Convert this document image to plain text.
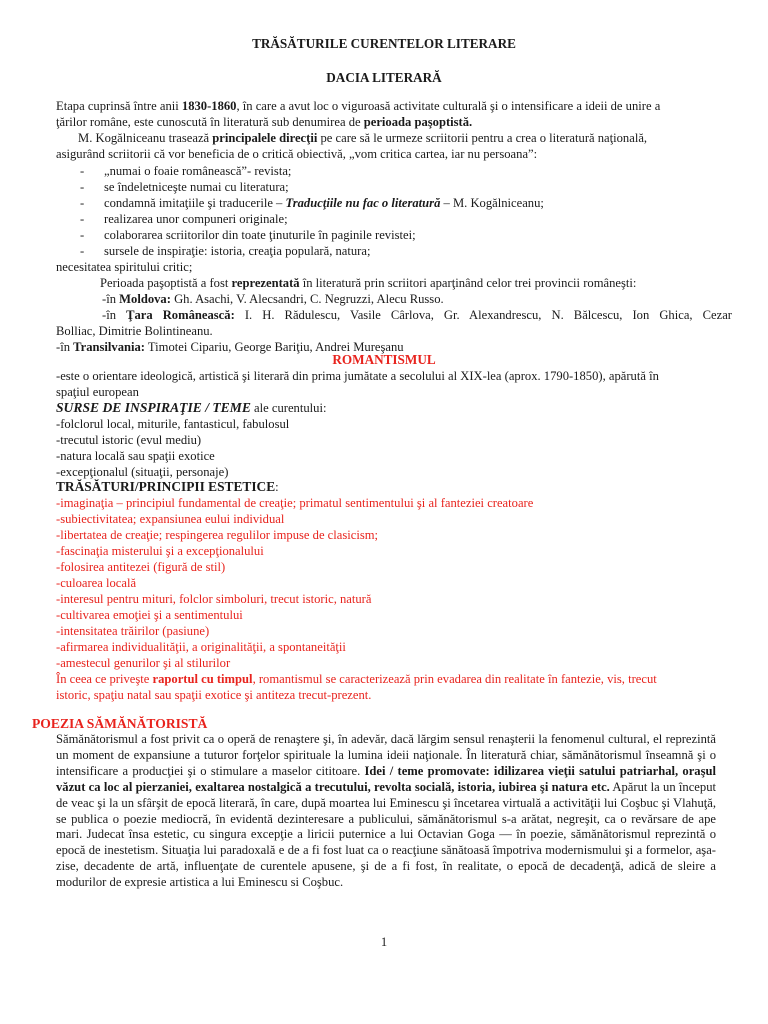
TRĂSĂTURILE CURENTELOR LITERARE
DACIA LITERARĂ
Etapa cuprinsă între anii 1830-1860, în care a avut loc o viguroasă activitate culturală şi o intensificare a ideii de unire a
ţărilor române, este cunoscută în literatură sub denumirea de perioada paşoptistă.
M. Kogălniceanu trasează principalele direcţii pe care să le urmeze scriitorii pentru a crea o literatură naţională,
asigurând scriitorii că vor beneficia de o critică obiectivă, „vom critica cartea, iar nu persoana”:
- „numai o foaie românească”- revista;
- se îndeletniceşte numai cu literatura;
- condamnă imitaţiile şi traducerile – Traducţiile nu fac o literatură – M. Kogălniceanu;
- realizarea unor compuneri originale;
- colaborarea scriitorilor din toate ţinuturile în paginile revistei;
- sursele de inspiraţie: istoria, creaţia populară, natura;
necesitatea spiritului critic;
Perioada paşoptistă a fost reprezentată în literatură prin scriitori aparţinând celor trei provincii româneşti:
-în Moldova: Gh. Asachi, V. Alecsandri, C. Negruzzi, Alecu Russo.
-în Ţara Românească: I. H. Rădulescu, Vasile Cârlova, Gr. Alexandrescu, N. Bălcescu, Ion Ghica, Cezar
Bolliac, Dimitrie Bolintineanu.
-în Transilvania: Timotei Cipariu, George Bariţiu, Andrei Mureşanu
ROMANTISMUL
-este o orientare ideologică, artistică şi literară din prima jumătate a secolului al XIX-lea (aprox. 1790-1850), apărută în
spaţiul european
SURSE DE INSPIRAŢIE / TEME ale curentului:
-folclorul local, miturile, fantasticul, fabulosul
-trecutul istoric (evul mediu)
-natura locală sau spaţii exotice
-excepţionalul (situaţii, personaje)
TRĂSĂTURI/PRINCIPII ESTETICE:
-imaginaţia – principiul fundamental de creaţie; primatul sentimentului şi al fanteziei creatoare
-subiectivitatea; expansiunea eului individual
-libertatea de creaţie; respingerea regulilor impuse de clasicism;
-fascinaţia misterului şi a excepţionalului
-folosirea antitezei (figură de stil)
-culoarea locală
-interesul pentru mituri, folclor simboluri, trecut istoric, natură
-cultivarea emoţiei şi a sentimentului
-intensitatea trăirilor (pasiune)
-afirmarea individualităţii, a originalităţii, a spontaneităţii
-amestecul genurilor şi al stilurilor
În ceea ce priveşte raportul cu timpul, romantismul se caracterizează prin evadarea din realitate în fantezie, vis, trecut
istoric, spaţiu natal sau spaţii exotice şi antiteza trecut-prezent.
POEZIA SĂMĂNĂTORISTĂ
Sămănătorismul a fost privit ca o operă de renaştere şi, în adevăr, dacă lărgim sensul renaşterii la fenomenul cultural, el reprezintă un moment de expansiune a tuturor forţelor spirituale la lumina ideii naţionale. În literatură chiar, sămănătorismul înseamnă şi o intensificare a producţiei şi o stimulare a maselor cititoare. Idei / teme promovate: idilizarea vieţii satului patriarhal, oraşul văzut ca loc al pierzaniei, exaltarea nostalgică a trecutului, revolta socială, istoria, iubirea şi natura etc. Apărut la un început de veac şi la un sfârşit de epocă literară, în care, după moartea lui Eminescu şi încetarea virtuală a activităţii lui Coşbuc şi Vlahuţă, se publica o poezie mediocră, în evidentă dezinteresare a publicului, sămănătorismul s-a arătat, negreşit, ca o revărsare de ape mari. Judecat însa estetic, cu singura excepţie a liricii puternice a lui Octavian Goga — în poezie, sămănătorismul reprezintă o epocă de inestetism. Situaţia lui paradoxală e de a fi fost luat ca o reacţiune sănătoasă împotriva modernismului şi a formelor, aşa-zise, decadente de artă, influenţate de curentele apusene, şi de a fi fost, în realitate, o epocă de decadenţă, adică de sleire a modurilor de expresie artistica a lui Eminescu si Coşbuc.
1
